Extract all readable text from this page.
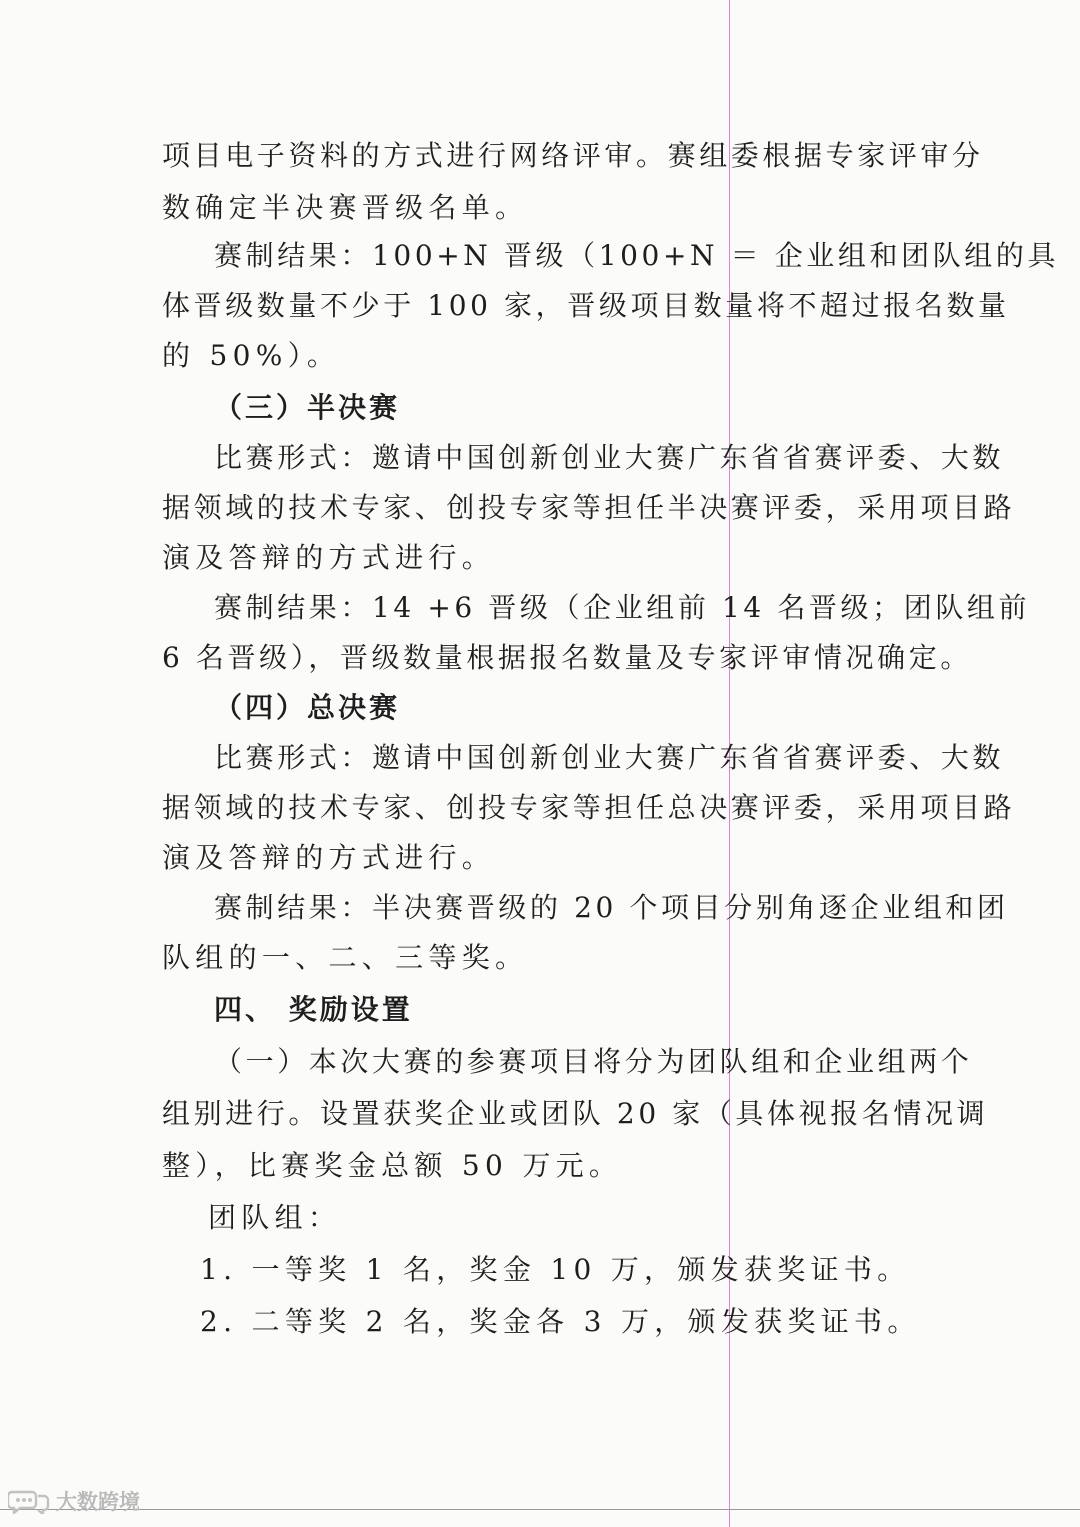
项目电子资料的方式进行网络评审。赛组委根据专家评审分
数确定半决赛晋级名单。
赛制结果：100+N 晋级（100+N ＝ 企业组和团队组的具
体晋级数量不少于 100 家，晋级项目数量将不超过报名数量
的 50%）。
（三）半决赛
比赛形式：邀请中国创新创业大赛广东省省赛评委、大数
据领域的技术专家、创投专家等担任半决赛评委，采用项目路
演及答辩的方式进行。
赛制结果：14 +6 晋级（企业组前 14 名晋级；团队组前
6 名晋级），晋级数量根据报名数量及专家评审情况确定。
（四）总决赛
比赛形式：邀请中国创新创业大赛广东省省赛评委、大数
据领域的技术专家、创投专家等担任总决赛评委，采用项目路
演及答辩的方式进行。
赛制结果：半决赛晋级的 20 个项目分别角逐企业组和团
队组的一、二、三等奖。
四、 奖励设置
（一）本次大赛的参赛项目将分为团队组和企业组两个
组别进行。设置获奖企业或团队 20 家（具体视报名情况调
整），比赛奖金总额 50 万元。
团队组：
1. 一等奖 1 名，奖金 10 万，颁发获奖证书。
2. 二等奖 2 名，奖金各 3 万，颁发获奖证书。
大数跨境
